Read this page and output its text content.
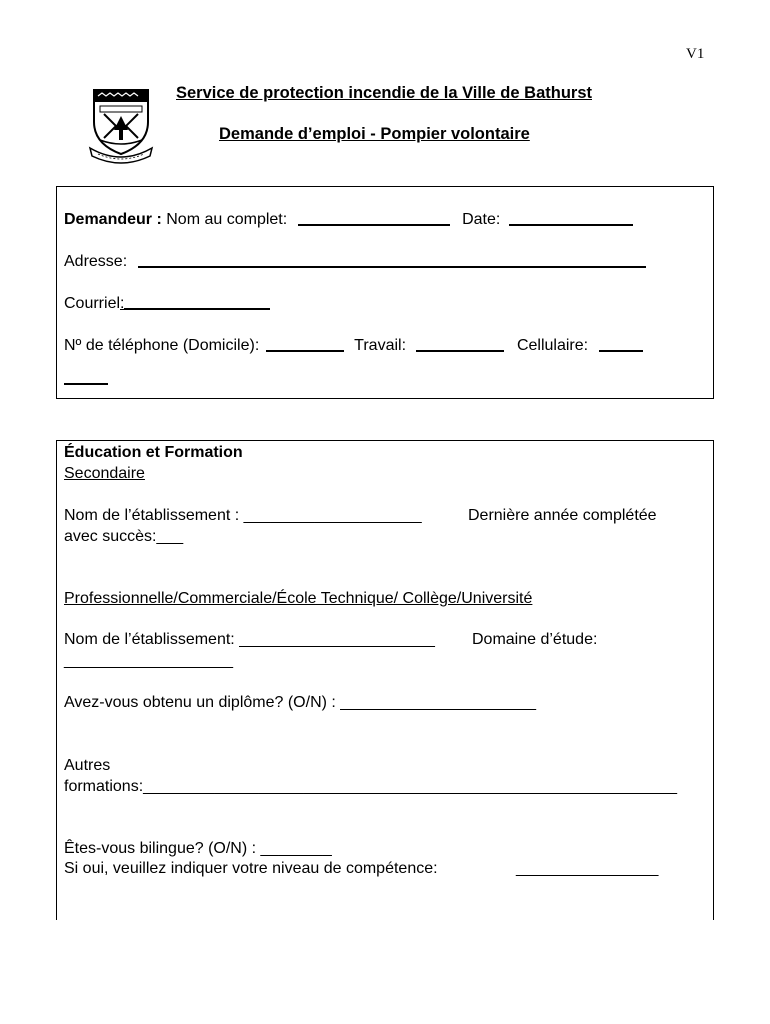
V1
Service de protection incendie de la Ville de Bathurst
Demande d’emploi - Pompier volontaire
Demandeur : Nom au complet:	Date:
Adresse:
Courriel:
Nº de téléphone (Domicile):	Travail:	Cellulaire:
Éducation et Formation
Secondaire
Nom de l’établissement : ____________________	Dernière année complétée
avec succès:___
Professionnelle/Commerciale/École Technique/ Collège/Université
Nom de l’établissement: ______________________ Domaine d’étude:
___________________
Avez-vous obtenu un diplôme? (O/N) : ______________________
Autres
formations:____________________________________________________________
Êtes-vous bilingue? (O/N) : ________
Si oui, veuillez indiquer votre niveau de compétence:	________________
